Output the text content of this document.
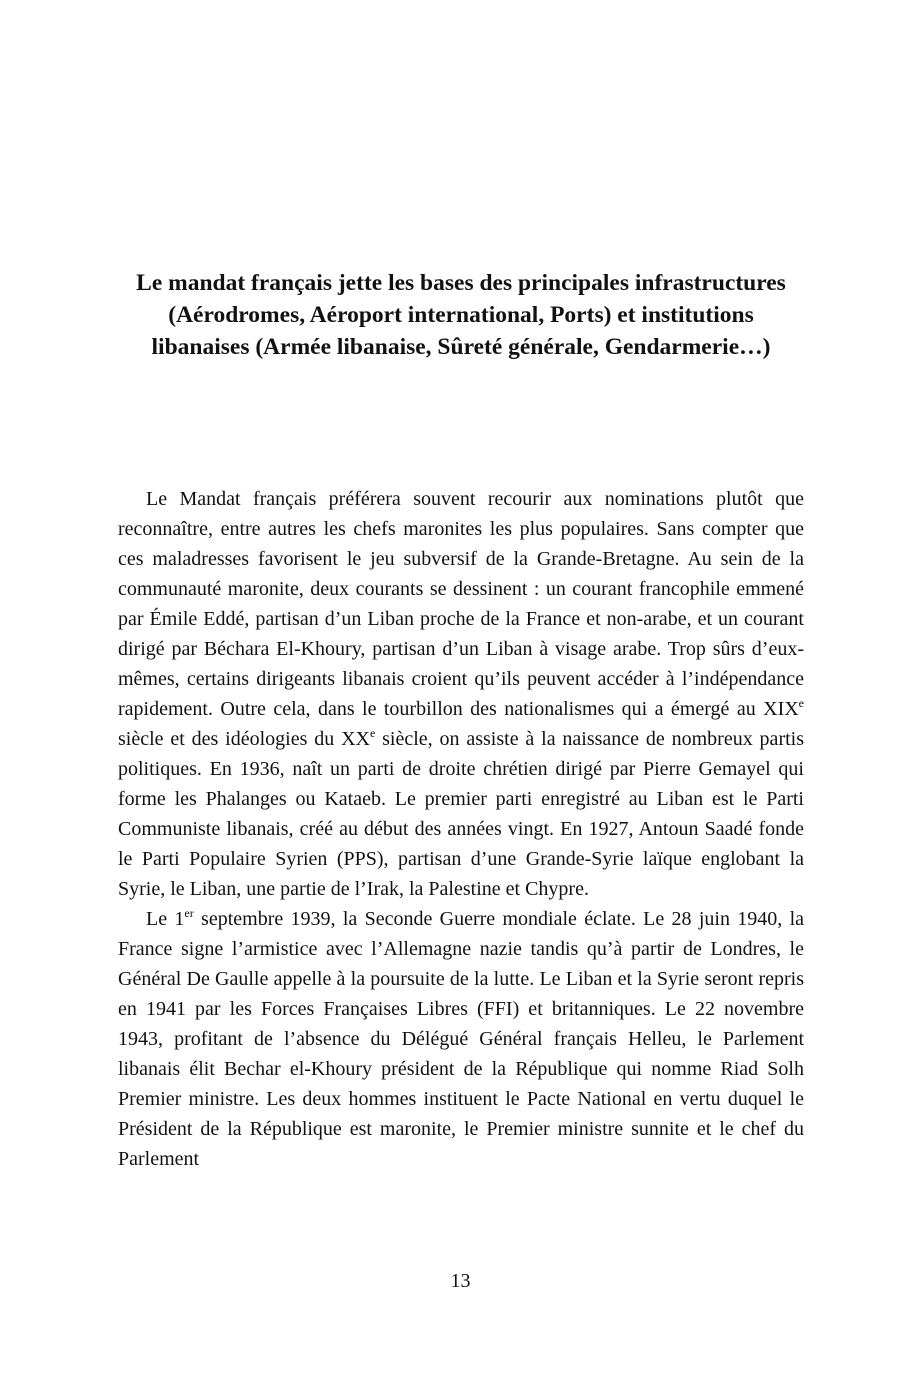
Le mandat français jette les bases des principales infrastructures (Aérodromes, Aéroport international, Ports) et institutions libanaises (Armée libanaise, Sûreté générale, Gendarmerie…)

Le Mandat français préférera souvent recourir aux nominations plutôt que reconnaître, entre autres les chefs maronites les plus populaires. Sans compter que ces maladresses favorisent le jeu subversif de la Grande-Bretagne. Au sein de la communauté maronite, deux courants se dessinent : un courant francophile emmené par Émile Eddé, partisan d’un Liban proche de la France et non-arabe, et un courant dirigé par Béchara El-Khoury, partisan d’un Liban à visage arabe. Trop sûrs d’eux-mêmes, certains dirigeants libanais croient qu’ils peuvent accéder à l’indépendance rapidement. Outre cela, dans le tourbillon des nationalismes qui a émergé au XIXe siècle et des idéologies du XXe siècle, on assiste à la naissance de nombreux partis politiques. En 1936, naît un parti de droite chrétien dirigé par Pierre Gemayel qui forme les Phalanges ou Kataeb. Le premier parti enregistré au Liban est le Parti Communiste libanais, créé au début des années vingt. En 1927, Antoun Saadé fonde le Parti Populaire Syrien (PPS), partisan d’une Grande-Syrie laïque englobant la Syrie, le Liban, une partie de l’Irak, la Palestine et Chypre.

Le 1er septembre 1939, la Seconde Guerre mondiale éclate. Le 28 juin 1940, la France signe l’armistice avec l’Allemagne nazie tandis qu’à partir de Londres, le Général De Gaulle appelle à la poursuite de la lutte. Le Liban et la Syrie seront repris en 1941 par les Forces Françaises Libres (FFI) et britanniques. Le 22 novembre 1943, profitant de l’absence du Délégué Général français Helleu, le Parlement libanais élit Bechar el-Khoury président de la République qui nomme Riad Solh Premier ministre. Les deux hommes instituent le Pacte National en vertu duquel le Président de la République est maronite, le Premier ministre sunnite et le chef du Parlement

13
